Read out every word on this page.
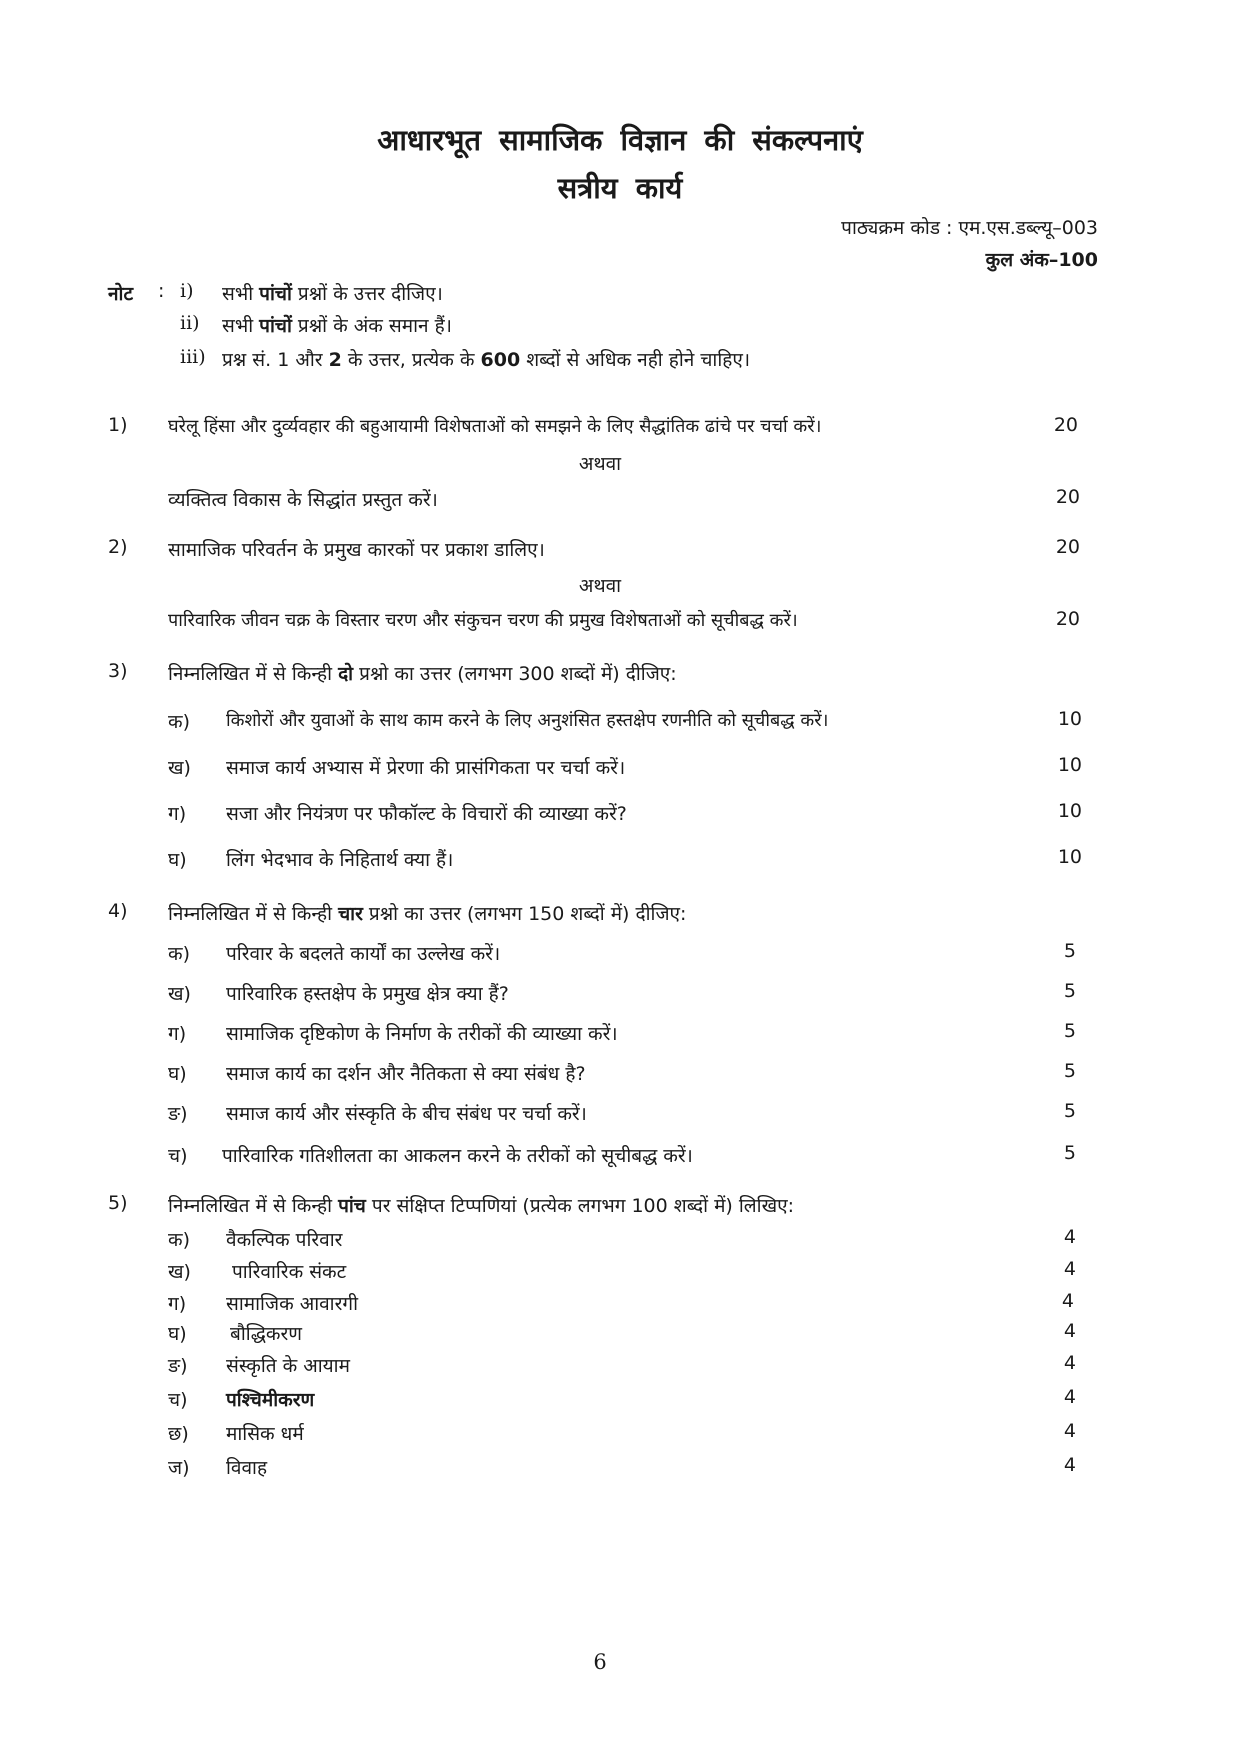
आधारभूत सामाजिक विज्ञान की संकल्पनाएं
सत्रीय कार्य
पाठ्यक्रम कोड : एम.एस.डब्ल्यू–003
कुल अंक–100
नोट : i) सभी पांचों प्रश्नों के उत्तर दीजिए।
ii) सभी पांचों प्रश्नों के अंक समान हैं।
iii) प्रश्न सं. 1 और 2 के उत्तर, प्रत्येक के 600 शब्दों से अधिक नही होने चाहिए।
1) घरेलू हिंसा और दुर्व्यवहार की बहुआयामी विशेषताओं को समझने के लिए सैद्धांतिक ढांचे पर चर्चा करें।	20
अथवा
व्यक्तित्व विकास के सिद्धांत प्रस्तुत करें।	20
2) सामाजिक परिवर्तन के प्रमुख कारकों पर प्रकाश डालिए।	20
अथवा
पारिवारिक जीवन चक्र के विस्तार चरण और संकुचन चरण की प्रमुख विशेषताओं को सूचीबद्ध करें।	20
3) निम्नलिखित में से किन्ही दो प्रश्नो का उत्तर (लगभग 300 शब्दों में) दीजिए:
क) किशोरों और युवाओं के साथ काम करने के लिए अनुशंसित हस्तक्षेप रणनीति को सूचीबद्ध करें।	10
ख) समाज कार्य अभ्यास में प्रेरणा की प्रासंगिकता पर चर्चा करें।	10
ग) सजा और नियंत्रण पर फौकॉल्ट के विचारों की व्याख्या करें?	10
घ) लिंग भेदभाव के निहितार्थ क्या हैं।	10
4) निम्नलिखित में से किन्ही चार प्रश्नो का उत्तर (लगभग 150 शब्दों में) दीजिए:
क) परिवार के बदलते कार्यों का उल्लेख करें।	5
ख) पारिवारिक हस्तक्षेप के प्रमुख क्षेत्र क्या हैं?	5
ग) सामाजिक दृष्टिकोण के निर्माण के तरीकों की व्याख्या करें।	5
घ) समाज कार्य का दर्शन और नैतिकता से क्या संबंध है?	5
ङ) समाज कार्य और संस्कृति के बीच संबंध पर चर्चा करें।	5
च) पारिवारिक गतिशीलता का आकलन करने के तरीकों को सूचीबद्ध करें।	5
5) निम्नलिखित में से किन्ही पांच पर संक्षिप्त टिप्पणियां (प्रत्येक लगभग 100 शब्दों में) लिखिए:
क) वैकल्पिक परिवार	4
ख) पारिवारिक संकट	4
ग) सामाजिक आवारगी	4
घ) बौद्धिकरण	4
ङ) संस्कृति के आयाम	4
च) पश्चिमीकरण	4
छ) मासिक धर्म	4
ज) विवाह	4
6
